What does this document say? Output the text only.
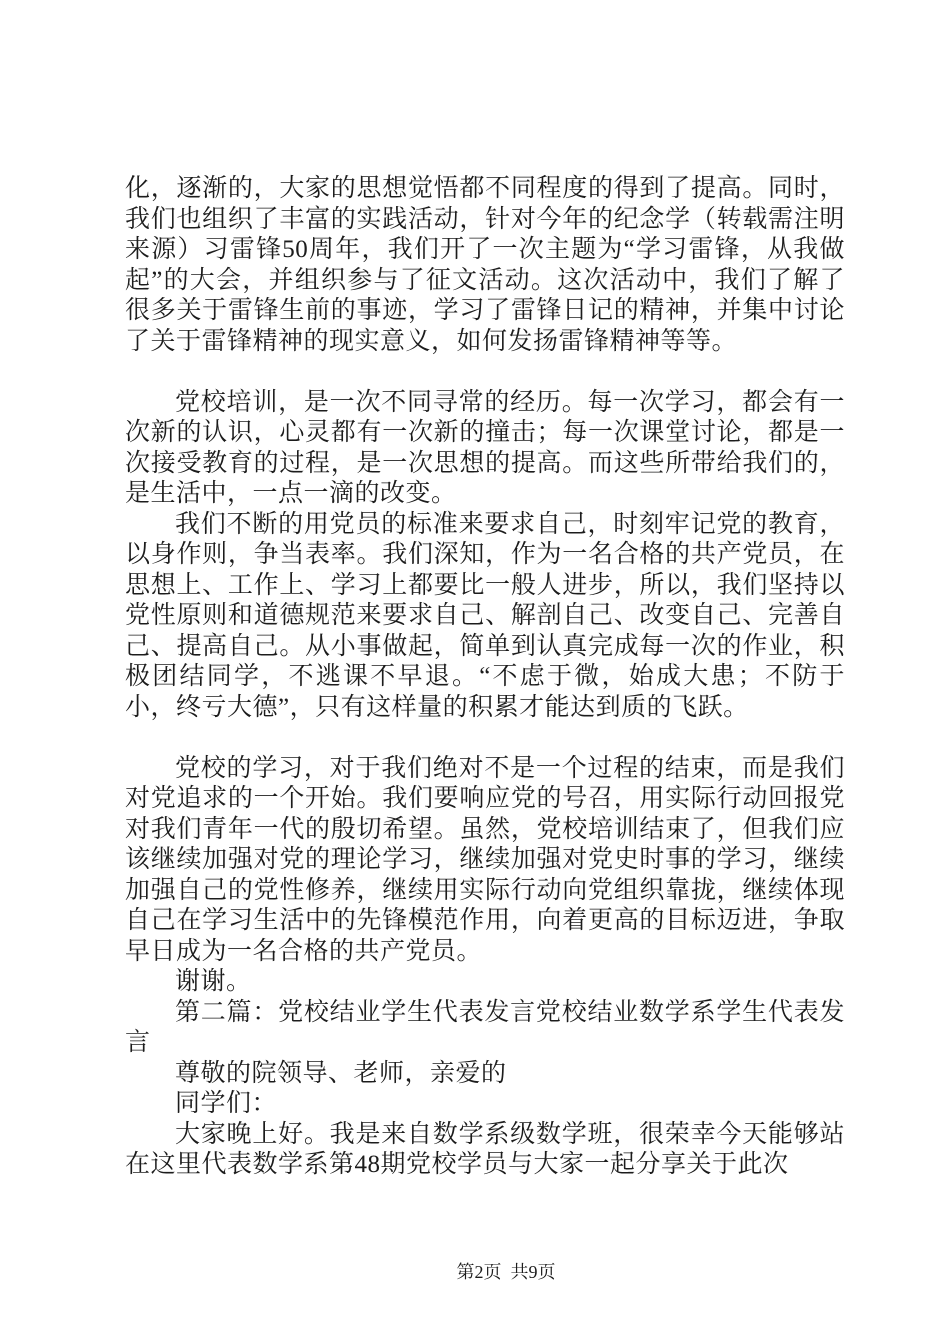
化，逐渐的，大家的思想觉悟都不同程度的得到了提高。同时，我们也组织了丰富的实践活动，针对今年的纪念学（转载需注明来源）习雷锋50周年，我们开了一次主题为“学习雷锋，从我做起”的大会，并组织参与了征文活动。这次活动中，我们了解了很多关于雷锋生前的事迹，学习了雷锋日记的精神，并集中讨论了关于雷锋精神的现实意义，如何发扬雷锋精神等等。

党校培训，是一次不同寻常的经历。每一次学习，都会有一次新的认识，心灵都有一次新的撞击；每一次课堂讨论，都是一次接受教育的过程，是一次思想的提高。而这些所带给我们的，是生活中，一点一滴的改变。

我们不断的用党员的标准来要求自己，时刻牢记党的教育，以身作则，争当表率。我们深知，作为一名合格的共产党员，在思想上、工作上、学习上都要比一般人进步，所以，我们坚持以党性原则和道德规范来要求自己、解剖自己、改变自己、完善自己、提高自己。从小事做起，简单到认真完成每一次的作业，积极团结同学，不逃课不早退。“不虑于微，始成大患；不防于小，终亏大德”，只有这样量的积累才能达到质的飞跃。

党校的学习，对于我们绝对不是一个过程的结束，而是我们对党追求的一个开始。我们要响应党的号召，用实际行动回报党对我们青年一代的殷切希望。虽然，党校培训结束了，但我们应该继续加强对党的理论学习，继续加强对党史时事的学习，继续加强自己的党性修养，继续用实际行动向党组织靠拢，继续体现自己在学习生活中的先锋模范作用，向着更高的目标迈进，争取早日成为一名合格的共产党员。

谢谢。

第二篇：党校结业学生代表发言党校结业数学系学生代表发言

尊敬的院领导、老师，亲爱的

同学们：

大家晚上好。我是来自数学系级数学班，很荣幸今天能够站在这里代表数学系第48期党校学员与大家一起分享关于此次

第2页  共9页
